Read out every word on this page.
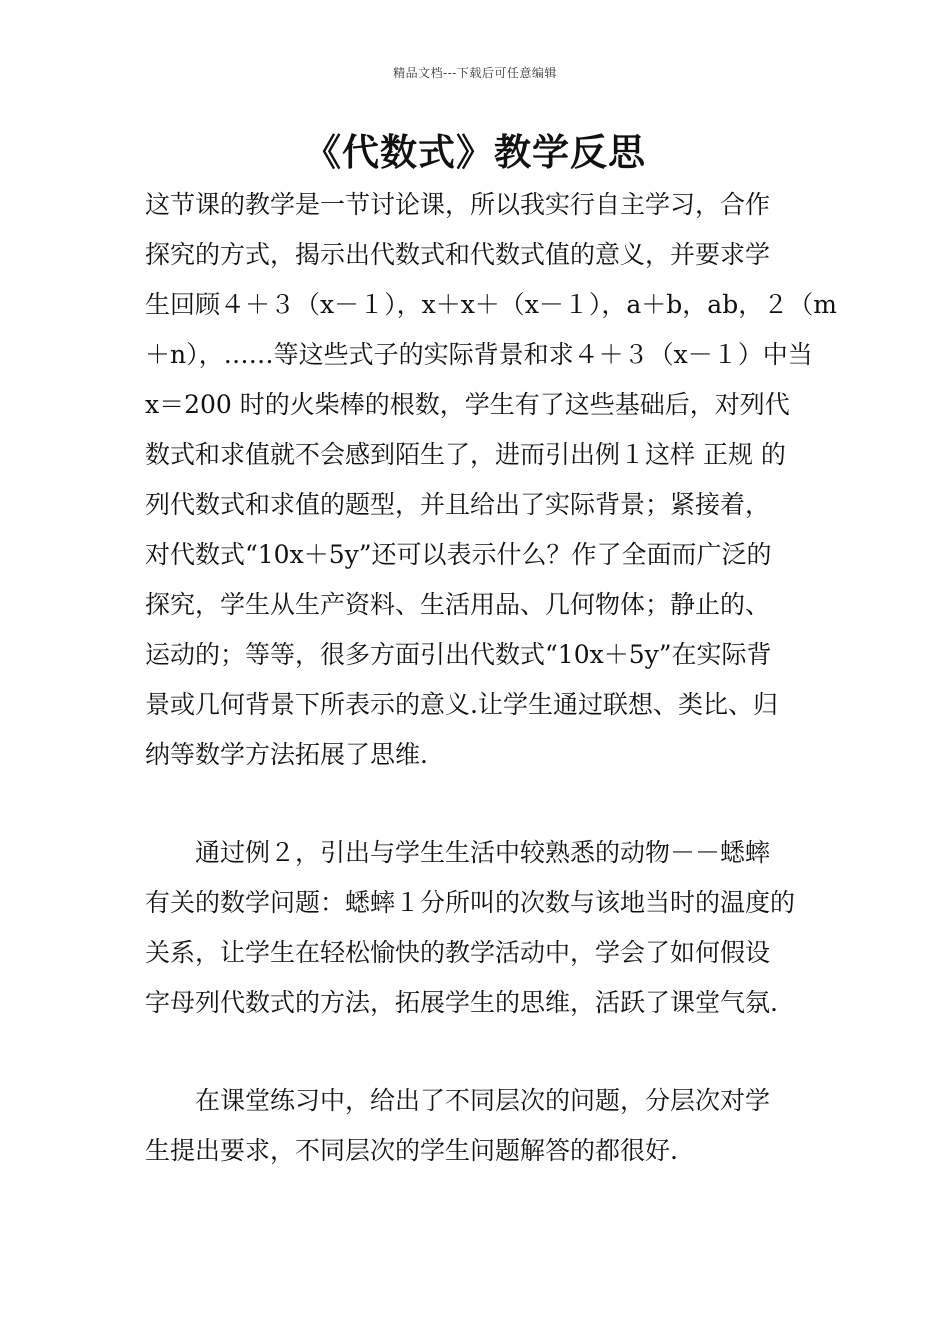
精品文档---下载后可任意编辑
《代数式》教学反思
这节课的教学是一节讨论课，所以我实行自主学习，合作
探究的方式，揭示出代数式和代数式值的意义，并要求学
生回顾４＋３（x－１），x＋x＋（x－１），a＋b，ab，２（m
＋n），……等这些式子的实际背景和求４＋３（x－１）中当
x＝200 时的火柴棒的根数，学生有了这些基础后，对列代
数式和求值就不会感到陌生了，进而引出例１这样 正规 的
列代数式和求值的题型，并且给出了实际背景；紧接着，
对代数式“10x＋5y”还可以表示什么？作了全面而广泛的
探究，学生从生产资料、生活用品、几何物体；静止的、
运动的；等等，很多方面引出代数式“10x＋5y”在实际背
景或几何背景下所表示的意义.让学生通过联想、类比、归
纳等数学方法拓展了思维.
　　通过例２，引出与学生生活中较熟悉的动物－－蟋蟀
有关的数学问题：蟋蟀１分所叫的次数与该地当时的温度的
关系，让学生在轻松愉快的教学活动中，学会了如何假设
字母列代数式的方法，拓展学生的思维，活跃了课堂气氛.
　　在课堂练习中，给出了不同层次的问题，分层次对学
生提出要求，不同层次的学生问题解答的都很好.
